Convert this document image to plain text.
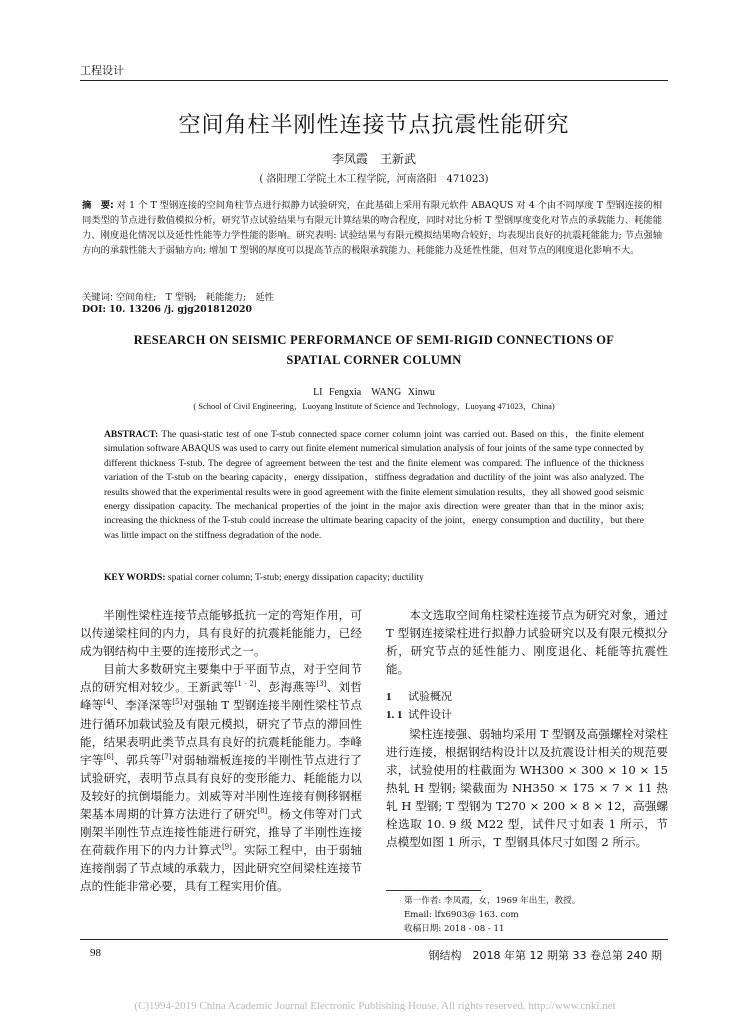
工程设计
空间角柱半刚性连接节点抗震性能研究
李凤霞　王新武
( 洛阳理工学院土木工程学院，河南洛阳　471023)
摘　要: 对 1 个 T 型钢连接的空间角柱节点进行拟静力试验研究，在此基础上采用有限元软件 ABAQUS 对 4 个由不同厚度 T 型钢连接的相同类型的节点进行数值模拟分析，研究节点试验结果与有限元计算结果的吻合程度，同时对比分析 T 型钢厚度变化对节点的承载能力、耗能能力、刚度退化情况以及延性性能等力学性能的影响。研究表明: 试验结果与有限元模拟结果吻合较好，均表现出良好的抗震耗能能力; 节点强轴方向的承载性能大于弱轴方向; 增加 T 型钢的厚度可以提高节点的极限承载能力、耗能能力及延性性能，但对节点的刚度退化影响不大。
关键词: 空间角柱;　T 型钢;　耗能能力;　延性
DOI: 10. 13206 /j. gjg201812020
RESEARCH ON SEISMIC PERFORMANCE OF SEMI-RIGID CONNECTIONS OF
SPATIAL CORNER COLUMN
LI Fengxia　WANG Xinwu
( School of Civil Engineering，Luoyang Institute of Science and Technology，Luoyang 471023，China)
ABSTRACT: The quasi-static test of one T-stub connected space corner column joint was carried out. Based on this，the finite element simulation software ABAQUS was used to carry out finite element numerical simulation analysis of four joints of the same type connected by different thickness T-stub. The degree of agreement between the test and the finite element was compared. The influence of the thickness variation of the T-stub on the bearing capacity，energy dissipation，stiffness degradation and ductility of the joint was also analyzed. The results showed that the experimental results were in good agreement with the finite element simulation results，they all showed good seismic energy dissipation capacity. The mechanical properties of the joint in the major axis direction were greater than that in the minor axis; increasing the thickness of the T-stub could increase the ultimate bearing capacity of the joint，energy consumption and ductility，but there was little impact on the stiffness degradation of the node.
KEY WORDS: spatial corner column; T-stub; energy dissipation capacity; ductility

半刚性梁柱连接节点能够抵抗一定的弯矩作用，可以传递梁柱间的内力，具有良好的抗震耗能能力，已经成为钢结构中主要的连接形式之一。

目前大多数研究主要集中于平面节点，对于空间节点的研究相对较少。王新武等[1 - 2]、彭海燕等[3]、刘哲峰等[4]、李泽深等[5]对强轴 T 型钢连接半刚性梁柱节点进行循环加载试验及有限元模拟，研究了节点的滞回性能，结果表明此类节点具有良好的抗震耗能能力。李峰宇等[6]、郭兵等[7]对弱轴端板连接的半刚性节点进行了试验研究，表明节点具有良好的变形能力、耗能能力以及较好的抗倒塌能力。刘威等对半刚性连接有侧移钢框架基本周期的计算方法进行了研究[8]。杨文伟等对门式刚架半刚性节点连接性能进行研究，推导了半刚性连接在荷载作用下的内力计算式[9]。实际工程中，由于弱轴连接削弱了节点域的承载力，因此研究空间梁柱连接节点的性能非常必要，具有工程实用价值。

本文选取空间角柱梁柱连接节点为研究对象，通过 T 型钢连接梁柱进行拟静力试验研究以及有限元模拟分析，研究节点的延性能力、刚度退化、耗能等抗震性能。

1 试验概况
1. 1 试件设计

梁柱连接强、弱轴均采用 T 型钢及高强螺栓对梁柱进行连接，根据钢结构设计以及抗震设计相关的规范要求，试验使用的柱截面为 WH300 × 300 × 10 × 15 热轧 H 型钢; 梁截面为 NH350 × 175 × 7 × 11 热轧 H 型钢; T 型钢为 T270 × 200 × 8 × 12，高强螺栓选取 10. 9 级 M22 型，试件尺寸如表 1 所示，节点模型如图 1 所示，T 型钢具体尺寸如图 2 所示。

第一作者: 李凤霞，女，1969 年出生，教授。
Email: lfx6903@ 163. com
收稿日期: 2018 - 08 - 11
98	钢结构　2018 年第 12 期第 33 卷总第 240 期
(C)1994-2019 China Academic Journal Electronic Publishing House. All rights reserved. http://www.cnki.net
